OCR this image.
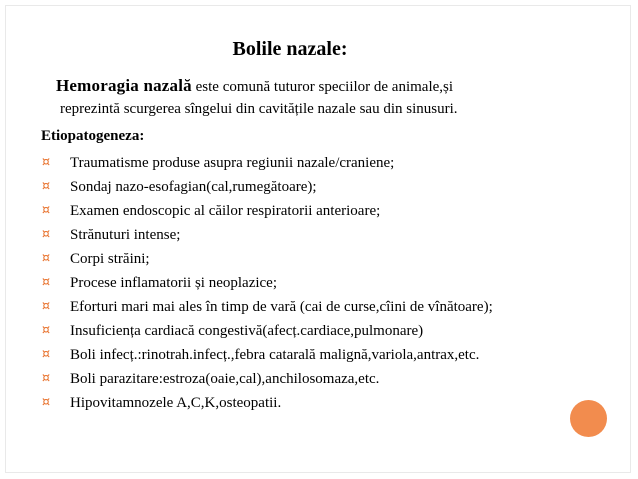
Bolile nazale:
Hemoragia nazală este comună tuturor speciilor de animale,și
reprezintă scurgerea sîngelui din cavitățile nazale sau din sinusuri.
Etiopatogeneza:
¤ Traumatisme produse asupra regiunii nazale/craniene;
¤ Sondaj nazo-esofagian(cal,rumegătoare);
¤ Examen endoscopic al căilor respiratorii anterioare;
¤ Strănuturi intense;
¤ Corpi străini;
¤ Procese inflamatorii și neoplazice;
¤ Eforturi mari mai ales în timp de vară (cai de curse,cîini de vînătoare);
¤ Insuficiența cardiacă congestivă(afecț.cardiace,pulmonare)
¤ Boli infecț.:rinotrah.infecț.,febra catarală malignă,variola,antrax,etc.
¤ Boli parazitare:estroza(oaie,cal),anchilosomaza,etc.
¤ Hipovitamnozele A,C,K,osteopatii.
